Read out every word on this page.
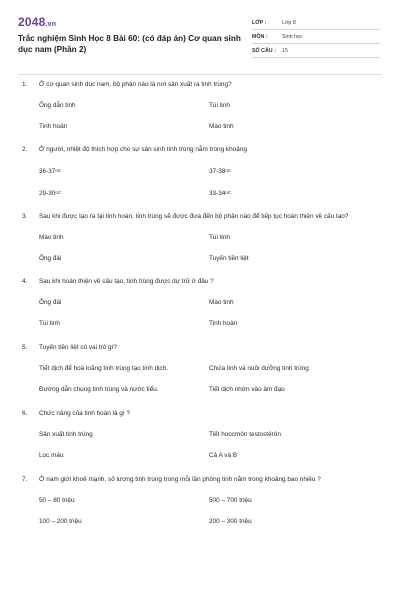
2048.vn
Trắc nghiệm Sinh Học 8 Bài 60: (có đáp án) Cơ quan sinh dục nam (Phần 2)
LỚP :	Lớp 8
MÔN :	Sinh học
SỐ CÂU :	15
1.	Ở cơ quan sinh dục nam, bộ phận nào là nơi sản xuất ra tinh trùng?
Ống dẫn tinh	Túi tinh
Tinh hoàn	Mào tinh
2.	Ở người, nhiệt độ thích hợp cho sự sản sinh tinh trùng nằm trong khoảng
$36-37^{oC}$	$37-38^{oC}$
$29-30^{oC}$	$33-34^{oC}$
3.	Sau khi được tạo ra tại tinh hoàn, tinh trùng sẽ được đưa đến bộ phận nào để tiếp tục hoàn thiện về cấu tạo?
Mào tinh	Túi tinh
Ống đái	Tuyến tiền liệt
4.	Sau khi hoàn thiện về cấu tạo, tinh trùng được dự trữ ở đâu ?
Ống đái	Mào tinh
Túi tinh	Tinh hoàn
5.	Tuyến tiền liệt có vai trò gì?
Tiết dịch để hoà loãng tinh trùng tạo tinh dịch.	Chứa tinh và nuôi dưỡng tinh trùng
Đường dẫn chung tinh trùng và nước tiểu.	Tiết dịch nhờn vào âm đạo
6.	Chức năng của tinh hoàn là gì ?
Sản xuất tinh trùng	Tiết hoocmôn testostêrôn
Lọc máu	Cả A và B
7.	Ở nam giới khoẻ mạnh, số lượng tinh trùng trong mỗi lần phóng tinh nằm trong khoảng bao nhiêu ?
50 – 80 triệu	500 – 700 triệu
100 – 200 triệu	200 – 300 triệu
